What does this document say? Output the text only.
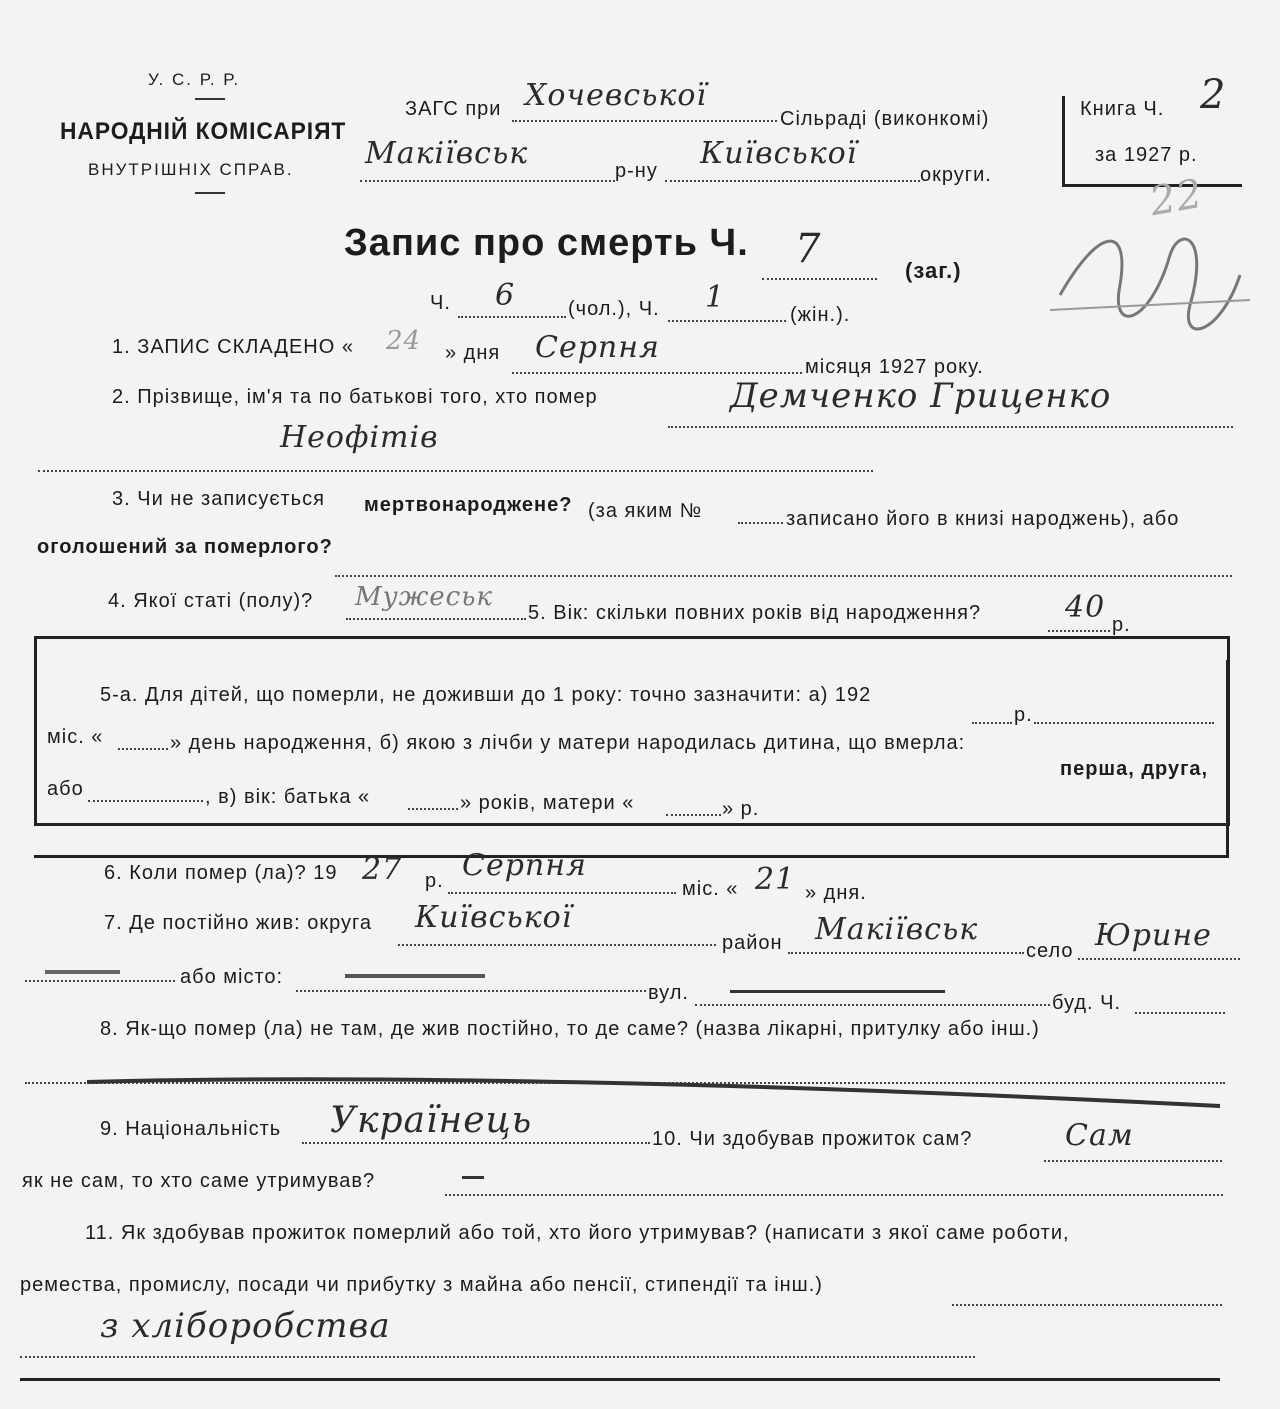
У. С. Р. Р.
НАРОДНІЙ КОМІСАРІЯТ
ВНУТРІШНІХ СПРАВ.
ЗАГС при Хочевської
Сільраді (виконкомі)
Макіївськ	р-ну Київської
округи.
Книга Ч. 2
за 1927 р.
22
Запис про смерть Ч. 7	(заг.)
Ч. 6	(чол.), Ч. 1	(жін.).
1. ЗАПИС СКЛАДЕНО « 24 » дня Серпня
місяця 1927 року.
2. Прізвище, ім'я та по батькові того, хто помер	Демченко Гриценко
Неофітів
3. Чи не записується мертвонароджене? (за яким №	записано його в книзі народжень), або
оголошений за померлого?
4. Якої статі (полу)? Мужеськ
5. Вік: скільки повних років від народження?	40 р.
5-а. Для дітей, що померли, не доживши до 1 року: точно зазначити: а) 192
р.
міс. «	» день народження, б) якою з лічби у матери народилась дитина, що вмерла:
перша, друга,
або	, в) вік: батька «	» років, матери «	» р.
6. Коли помер (ла)? 19 27 р. Серпня
міс. « 21 » дня.
7. Де постійно жив: округа Київської
район Макіївськ
село Юрине
або місто:
вул.	буд. Ч.
8. Як-що помер (ла) не там, де жив постійно, то де саме? (назва лікарні, притулку або інш.)
9. Національність Українець	10. Чи здобував прожиток сам?	Сам
як не сам, то хто саме утримував?
11. Як здобував прожиток померлий або той, хто його утримував? (написати з якої саме роботи,
ремества, промислу, посади чи прибутку з майна або пенсії, стипендії та інш.)
з хліборобства
